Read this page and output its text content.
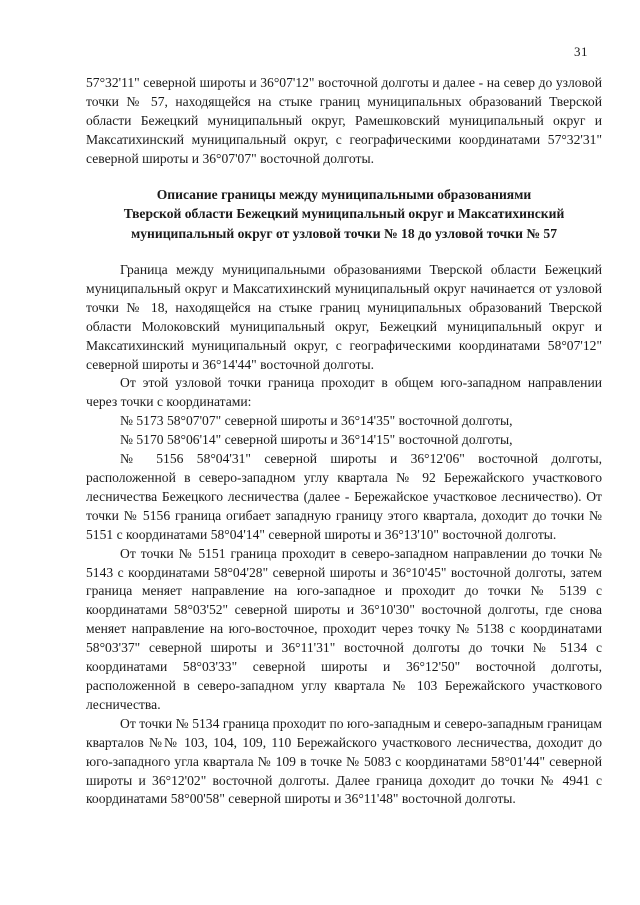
31

57°32'11" северной широты и 36°07'12" восточной долготы и далее - на север до узловой точки № 57, находящейся на стыке границ муниципальных образований Тверской области Бежецкий муниципальный округ, Рамешковский муниципальный округ и Максатихинский муниципальный округ, с географическими координатами 57°32'31" северной широты и 36°07'07" восточной долготы.

Описание границы между муниципальными образованиями
Тверской области Бежецкий муниципальный округ и Максатихинский
муниципальный округ от узловой точки № 18 до узловой точки № 57

Граница между муниципальными образованиями Тверской области Бежецкий муниципальный округ и Максатихинский муниципальный округ начинается от узловой точки № 18, находящейся на стыке границ муниципальных образований Тверской области Молоковский муниципальный округ, Бежецкий муниципальный округ и Максатихинский муниципальный округ, с географическими координатами 58°07'12" северной широты и 36°14'44" восточной долготы.

От этой узловой точки граница проходит в общем юго-западном направлении через точки с координатами:

№ 5173 58°07'07" северной широты и 36°14'35" восточной долготы,

№ 5170 58°06'14" северной широты и 36°14'15" восточной долготы,

№ 5156 58°04'31" северной широты и 36°12'06" восточной долготы, расположенной в северо-западном углу квартала № 92 Бережайского участкового лесничества Бежецкого лесничества (далее - Бережайское участковое лесничество). От точки № 5156 граница огибает западную границу этого квартала, доходит до точки № 5151 с координатами 58°04'14" северной широты и 36°13'10" восточной долготы.

От точки № 5151 граница проходит в северо-западном направлении до точки № 5143 с координатами 58°04'28" северной широты и 36°10'45" восточной долготы, затем граница меняет направление на юго-западное и проходит до точки № 5139 с координатами 58°03'52" северной широты и 36°10'30" восточной долготы, где снова меняет направление на юго-восточное, проходит через точку № 5138 с координатами 58°03'37" северной широты и 36°11'31" восточной долготы до точки № 5134 с координатами 58°03'33" северной широты и 36°12'50" восточной долготы, расположенной в северо-западном углу квартала № 103 Бережайского участкового лесничества.

От точки № 5134 граница проходит по юго-западным и северо-западным границам кварталов №№ 103, 104, 109, 110 Бережайского участкового лесничества, доходит до юго-западного угла квартала № 109 в точке № 5083 с координатами 58°01'44" северной широты и 36°12'02" восточной долготы. Далее граница доходит до точки № 4941 с координатами 58°00'58" северной широты и 36°11'48" восточной долготы.
